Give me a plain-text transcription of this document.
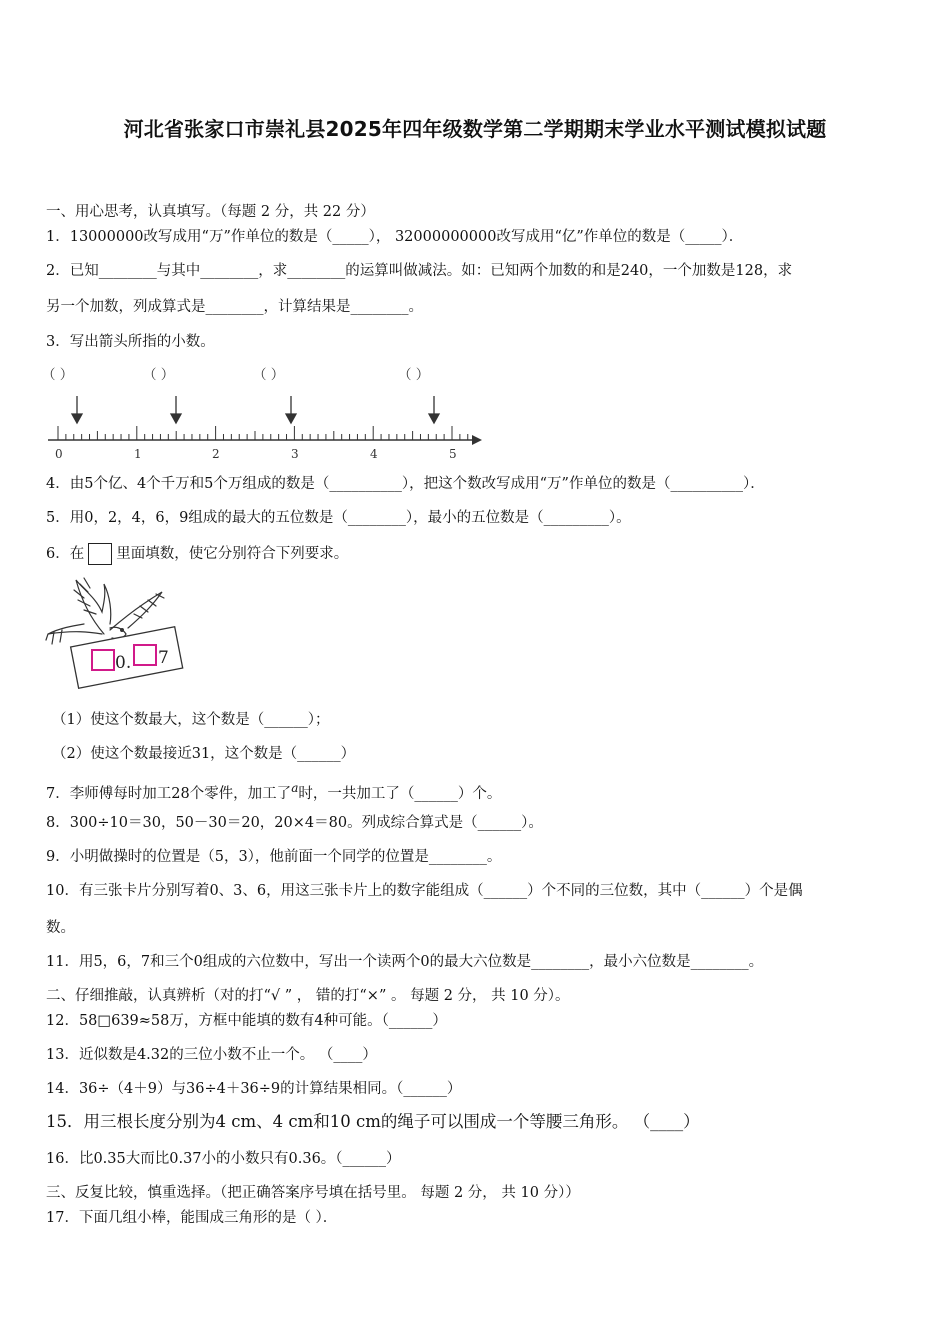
河北省张家口市崇礼县2025年四年级数学第二学期期末学业水平测试模拟试题
一、用心思考，认真填写。（每题 2 分，共 22 分）
1．13000000改写成用“万”作单位的数是（_____）， 32000000000改写成用“亿”作单位的数是（_____）．
2．已知________与其中________，求________的运算叫做减法。如：已知两个加数的和是240，一个加数是128，求
另一个加数，列成算式是________，计算结果是________。
3．写出箭头所指的小数。
（ ）	（ ）	（ ）	（ ）
0	1	2	3	4	5
4．由5个亿、4个千万和5个万组成的数是（__________），把这个数改写成用“万”作单位的数是（__________）．
5．用0，2，4，6，9组成的最大的五位数是（________），最小的五位数是（_________）。
6．在 里面填数，使它分别符合下列要求。
0. 7
（1）使这个数最大，这个数是（______）；
（2）使这个数最接近31，这个数是（______）
7．李师傅每时加工28个零件，加工了$^a$时，一共加工了（______）个。
8．300÷10＝30，50－30＝20，20×4＝80。列成综合算式是（______）。
9．小明做操时的位置是（5，3），他前面一个同学的位置是________。
10．有三张卡片分别写着0、3、6，用这三张卡片上的数字能组成（______）个不同的三位数，其中（______）个是偶
数。
11．用5，6，7和三个0组成的六位数中，写出一个读两个0的最大六位数是________，最小六位数是________。
二、仔细推敲，认真辨析（对的打“√ ” ， 错的打“×” 。 每题 2 分， 共 10 分）。
12．58□639≈58万，方框中能填的数有4种可能。（______）
13．近似数是4.32的三位小数不止一个。 （____）
14．36÷（4＋9）与36÷4＋36÷9的计算结果相同。（______）
15．用三根长度分别为4 cm、4 cm和10 cm的绳子可以围成一个等腰三角形。 （____）
16．比0.35大而比0.37小的小数只有0.36。（______）
三、反复比较，慎重选择。（把正确答案序号填在括号里。 每题 2 分， 共 10 分））
17．下面几组小棒，能围成三角形的是（ ）．
